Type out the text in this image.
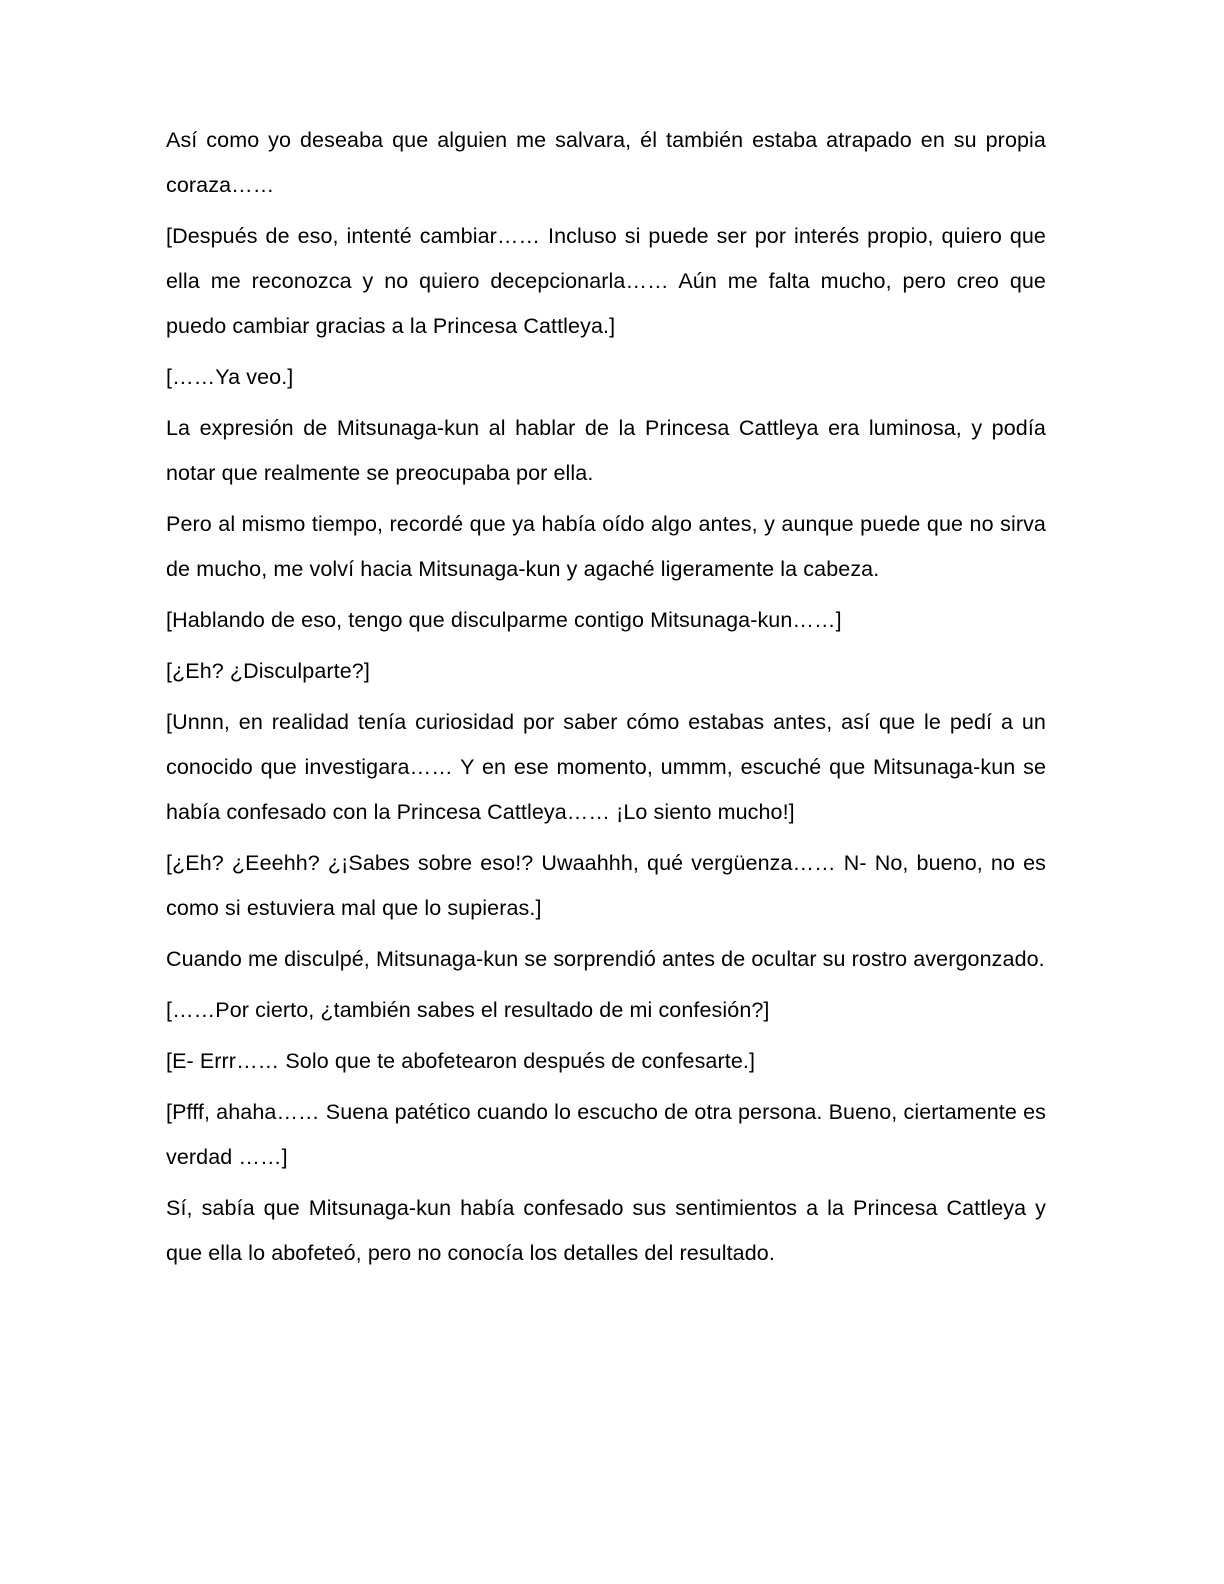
Así como yo deseaba que alguien me salvara, él también estaba atrapado en su propia coraza……

[Después de eso, intenté cambiar…… Incluso si puede ser por interés propio, quiero que ella me reconozca y no quiero decepcionarla…… Aún me falta mucho, pero creo que puedo cambiar gracias a la Princesa Cattleya.]

[……Ya veo.]

La expresión de Mitsunaga-kun al hablar de la Princesa Cattleya era luminosa, y podía notar que realmente se preocupaba por ella.

Pero al mismo tiempo, recordé que ya había oído algo antes, y aunque puede que no sirva de mucho, me volví hacia Mitsunaga-kun y agaché ligeramente la cabeza.

[Hablando de eso, tengo que disculparme contigo Mitsunaga-kun……]

[¿Eh? ¿Disculparte?]

[Unnn, en realidad tenía curiosidad por saber cómo estabas antes, así que le pedí a un conocido que investigara…… Y en ese momento, ummm, escuché que Mitsunaga-kun se había confesado con la Princesa Cattleya…… ¡Lo siento mucho!]

[¿Eh? ¿Eeehh? ¿¡Sabes sobre eso!? Uwaahhh, qué vergüenza…… N- No, bueno, no es como si estuviera mal que lo supieras.]

Cuando me disculpé, Mitsunaga-kun se sorprendió antes de ocultar su rostro avergonzado.

[……Por cierto, ¿también sabes el resultado de mi confesión?]

[E- Errr…… Solo que te abofetearon después de confesarte.]

[Pfff, ahaha…… Suena patético cuando lo escucho de otra persona. Bueno, ciertamente es verdad ……]

Sí, sabía que Mitsunaga-kun había confesado sus sentimientos a la Princesa Cattleya y que ella lo abofeteó, pero no conocía los detalles del resultado.
